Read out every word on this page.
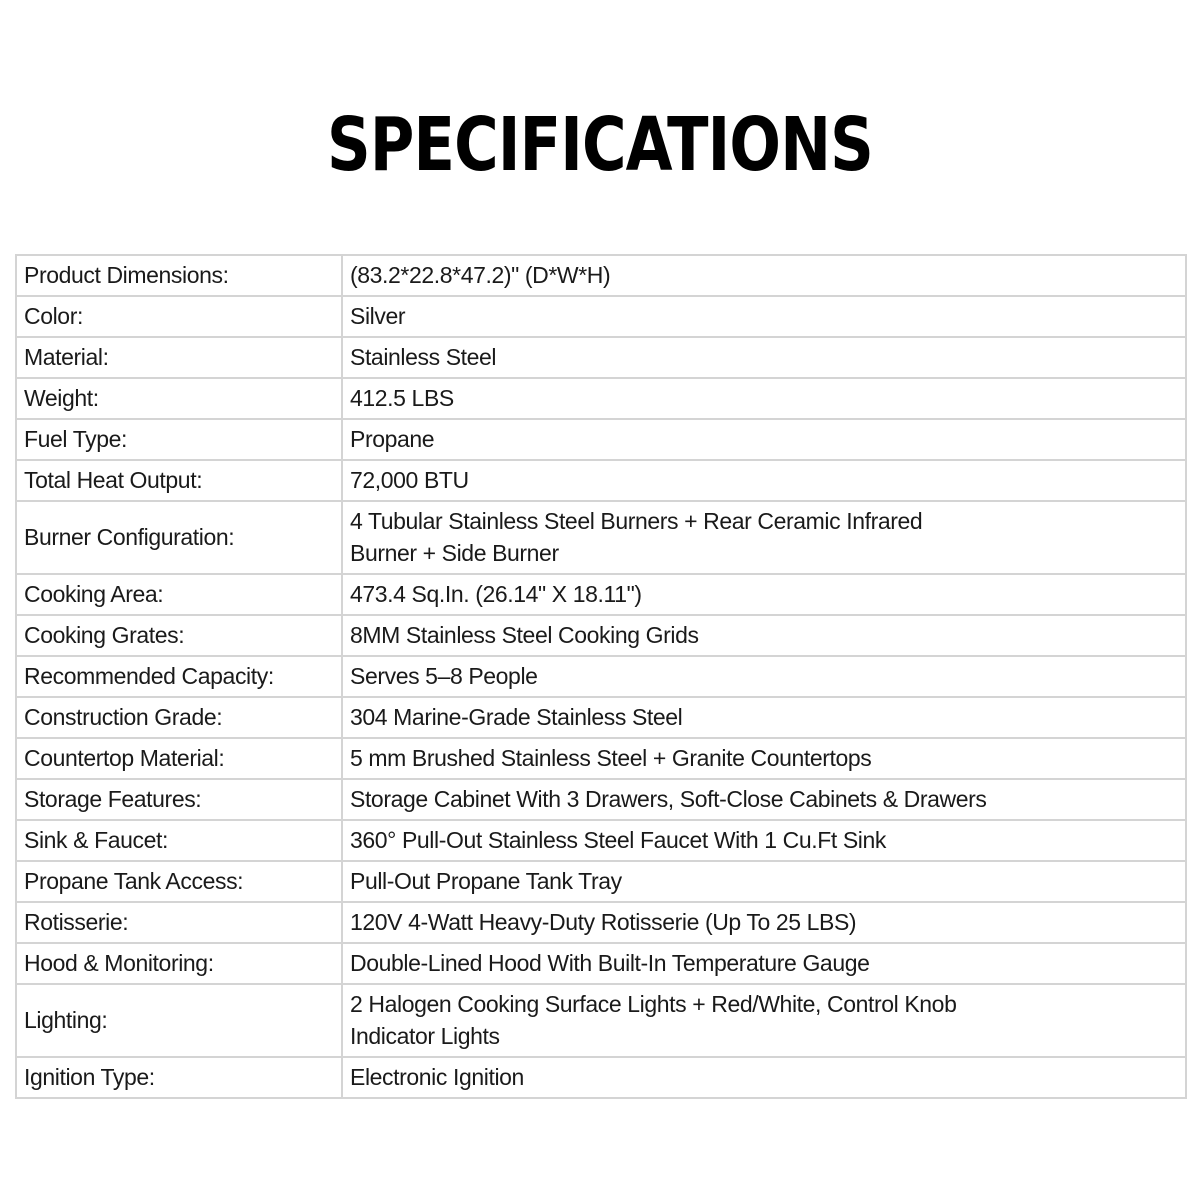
SPECIFICATIONS
Product Dimensions:	(83.2*22.8*47.2)" (D*W*H)
Color:	Silver
Material:	Stainless Steel
Weight:	412.5 LBS
Fuel Type:	Propane
Total Heat Output:	72,000 BTU
Burner Configuration:	4 Tubular Stainless Steel Burners + Rear Ceramic Infrared
Burner + Side Burner

Cooking Area:	473.4 Sq.In. (26.14" X 18.11")
Cooking Grates:	8MM Stainless Steel Cooking Grids
Recommended Capacity:	Serves 5–8 People
Construction Grade:	304 Marine-Grade Stainless Steel
Countertop Material:	5 mm Brushed Stainless Steel + Granite Countertops
Storage Features:	Storage Cabinet With 3 Drawers, Soft-Close Cabinets & Drawers
Sink & Faucet:	360° Pull-Out Stainless Steel Faucet With 1 Cu.Ft Sink
Propane Tank Access:	Pull-Out Propane Tank Tray
Rotisserie:	120V 4-Watt Heavy-Duty Rotisserie (Up To 25 LBS)
Hood & Monitoring:	Double-Lined Hood With Built-In Temperature Gauge
Lighting:	2 Halogen Cooking Surface Lights + Red/White, Control Knob
Indicator Lights

Ignition Type:	Electronic Ignition
